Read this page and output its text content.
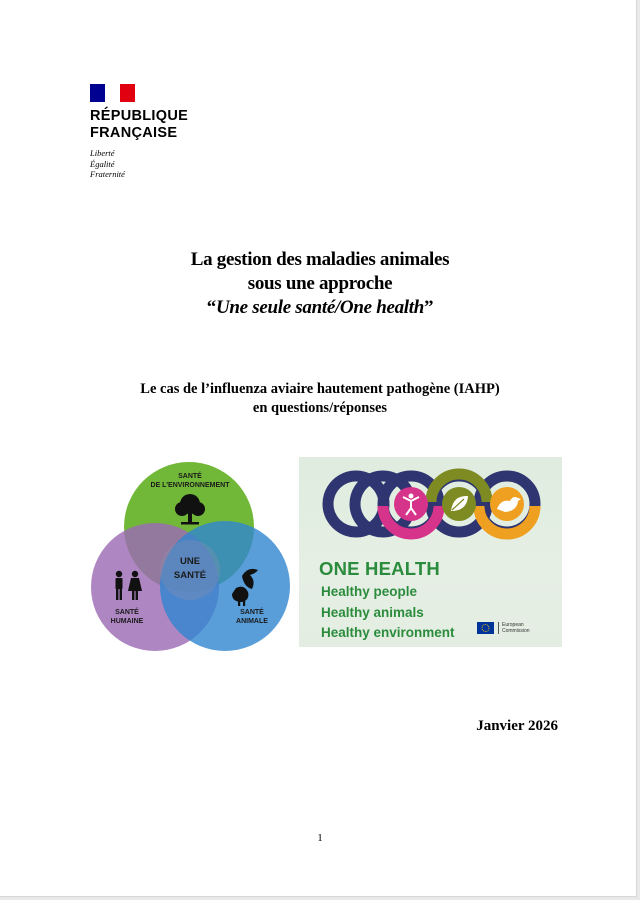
RÉPUBLIQUE
FRANÇAISE
Liberté
Égalité
Fraternité
La gestion des maladies animales
sous une approche
“Une seule santé/One health”
Le cas de l’influenza aviaire hautement pathogène (IAHP)
en questions/réponses
SANTÉ
DE L’ENVIRONNEMENT
UNE
SANTÉ
SANTÉ
HUMAINE
SANTÉ
ANIMALE
ONE HEALTH
Healthy people
Healthy animals
Healthy environment	European
Commission
Janvier 2026
1
